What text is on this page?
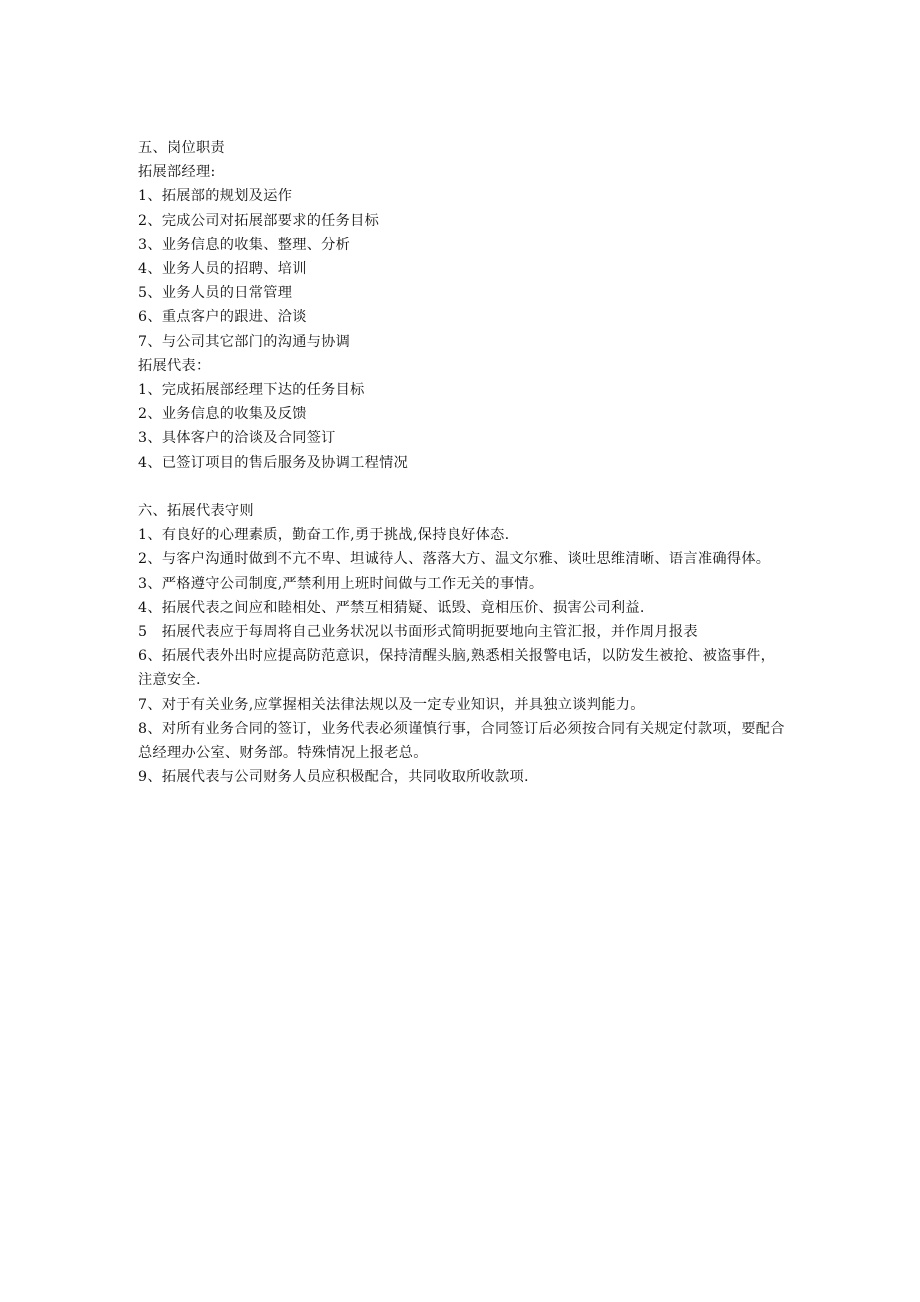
五、岗位职责
拓展部经理:
1、拓展部的规划及运作
2、完成公司对拓展部要求的任务目标
3、业务信息的收集、整理、分析
4、业务人员的招聘、培训
5、业务人员的日常管理
6、重点客户的跟进、洽谈
7、与公司其它部门的沟通与协调
拓展代表：
1、完成拓展部经理下达的任务目标
2、业务信息的收集及反馈
3、具体客户的洽谈及合同签订
4、已签订项目的售后服务及协调工程情况
六、拓展代表守则
1、有良好的心理素质，勤奋工作,勇于挑战,保持良好体态.
2、与客户沟通时做到不亢不卑、坦诚待人、落落大方、温文尔雅、谈吐思维清晰、语言准确得体。
3、严格遵守公司制度,严禁利用上班时间做与工作无关的事情。
4、拓展代表之间应和睦相处、严禁互相猜疑、诋毁、竟相压价、损害公司利益.
5　拓展代表应于每周将自己业务状况以书面形式简明扼要地向主管汇报，并作周月报表
6、拓展代表外出时应提高防范意识，保持清醒头脑,熟悉相关报警电话，以防发生被抢、被盗事件，注意安全.
7、对于有关业务,应掌握相关法律法规以及一定专业知识，并具独立谈判能力。
8、对所有业务合同的签订，业务代表必须谨慎行事，合同签订后必须按合同有关规定付款项，要配合总经理办公室、财务部。特殊情况上报老总。
9、拓展代表与公司财务人员应积极配合，共同收取所收款项.
